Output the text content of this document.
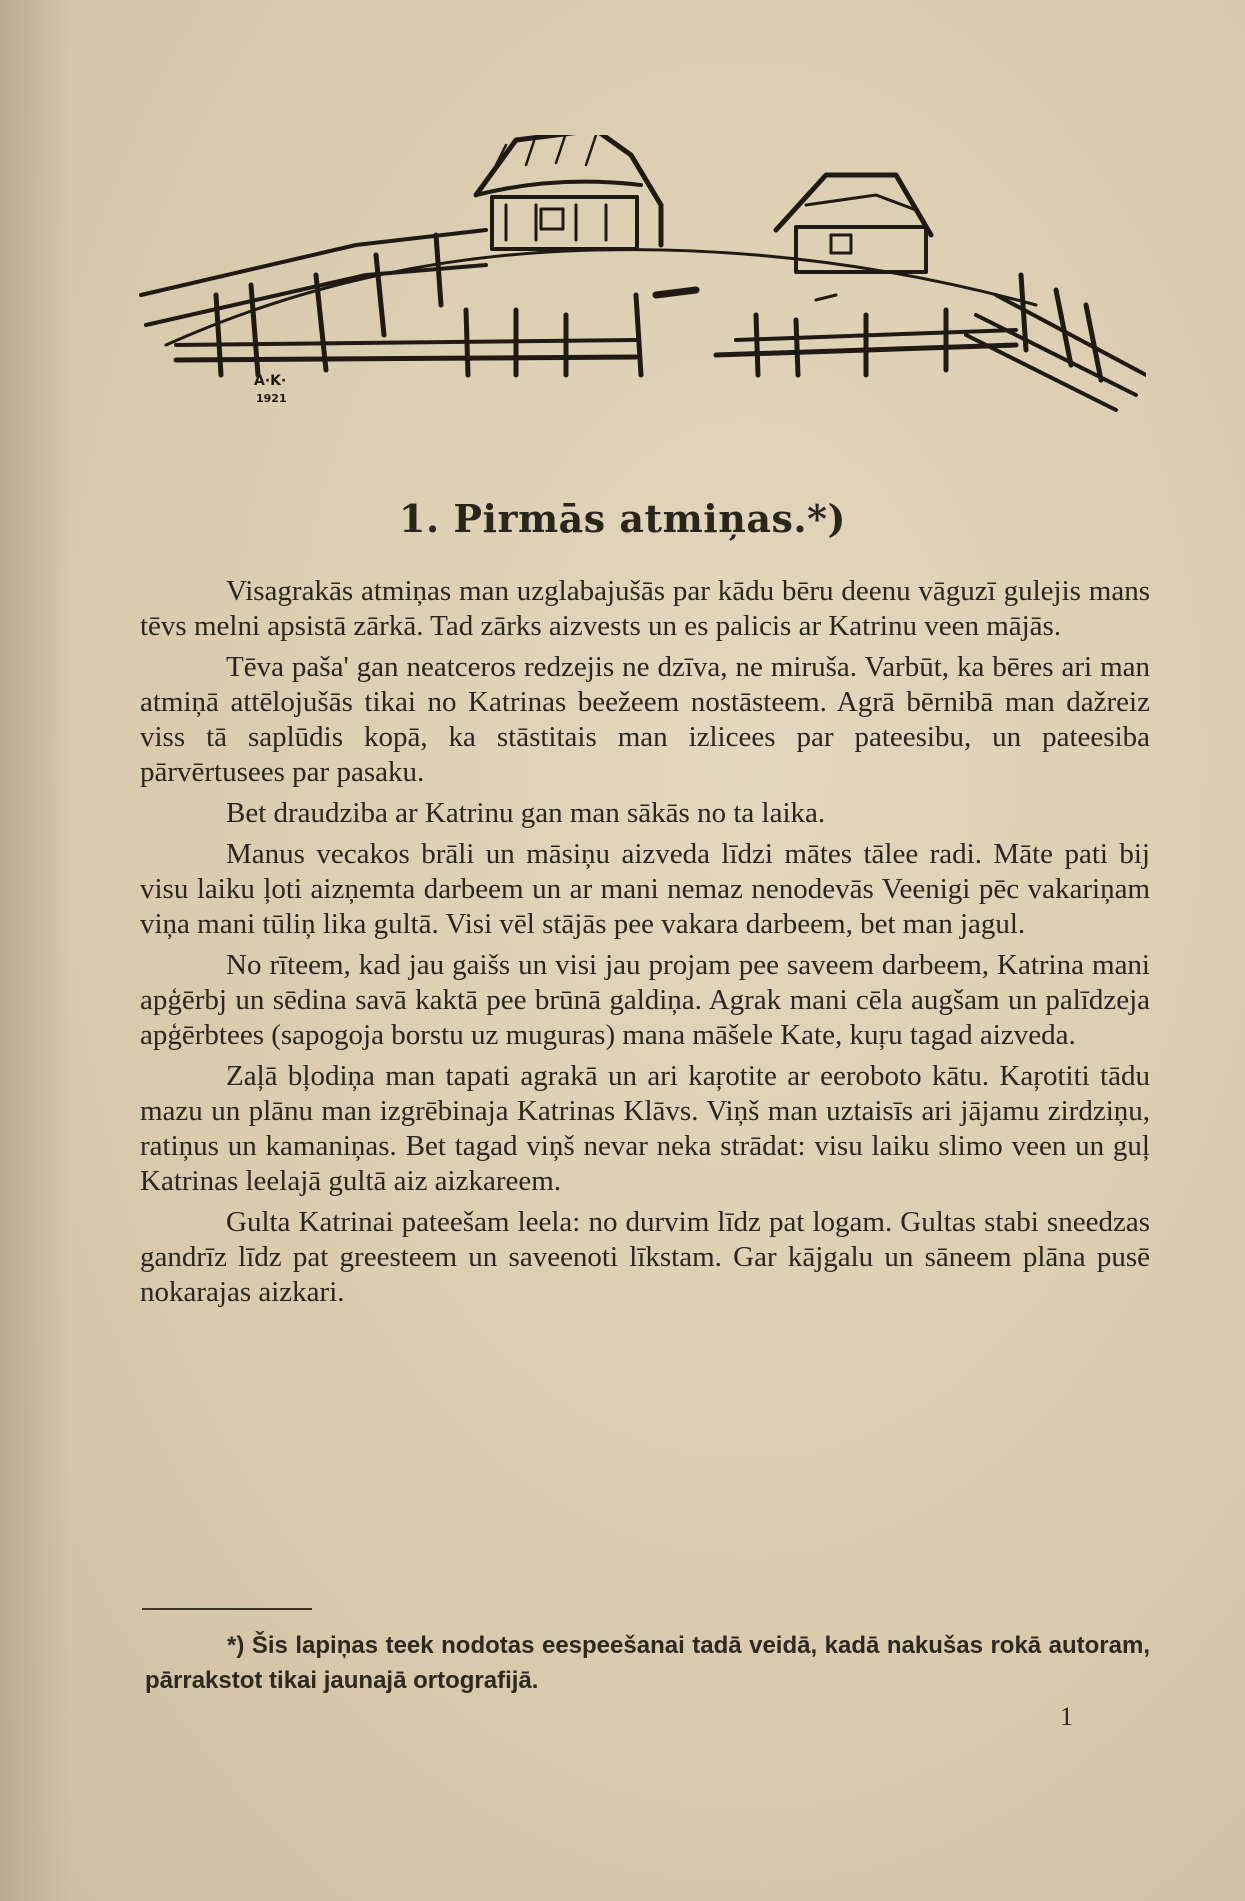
A·K·
1921
1. Pirmās atmiņas.*)

Visagrakās atmiņas man uzglabajušās par kādu bēru deenu vāguzī gulejis mans tēvs melni apsistā zārkā. Tad zārks aizvests un es palicis ar Katrinu veen mājās.

Tēva paša' gan neatceros redzejis ne dzīva, ne miruša. Varbūt, ka bēres ari man atmiņā attēlojušās tikai no Katrinas beežeem nostāsteem. Agrā bērnibā man dažreiz viss tā saplūdis kopā, ka stāstitais man izlicees par pateesibu, un pateesiba pārvērtusees par pasaku.

Bet draudziba ar Katrinu gan man sākās no ta laika.

Manus vecakos brāli un māsiņu aizveda līdzi mātes tālee radi. Māte pati bij visu laiku ļoti aizņemta darbeem un ar mani nemaz nenodevās Veenigi pēc vakariņam viņa mani tūliņ lika gultā. Visi vēl stājās pee vakara darbeem, bet man jagul.

No rīteem, kad jau gaišs un visi jau projam pee saveem darbeem, Katrina mani apģērbj un sēdina savā kaktā pee brūnā galdiņa. Agrak mani cēla augšam un palīdzeja apģērbtees (sapogoja borstu uz muguras) mana māšele Kate, kuŗu tagad aizveda.

Zaļā bļodiņa man tapati agrakā un ari kaŗotite ar eeroboto kātu. Kaŗotiti tādu mazu un plānu man izgrēbinaja Katrinas Klāvs. Viņš man uztaisīs ari jājamu zirdziņu, ratiņus un kamaniņas. Bet tagad viņš nevar neka strādat: visu laiku slimo veen un guļ Katrinas leelajā gultā aiz aizkareem.

Gulta Katrinai pateešam leela: no durvim līdz pat logam. Gultas stabi sneedzas gandrīz līdz pat greesteem un saveenoti līkstam. Gar kājgalu un sāneem plāna pusē nokarajas aizkari.

*) Šis lapiņas teek nodotas eespeešanai tadā veidā, kadā nakušas rokā autoram, pārrakstot tikai jaunajā ortografijā.
1
